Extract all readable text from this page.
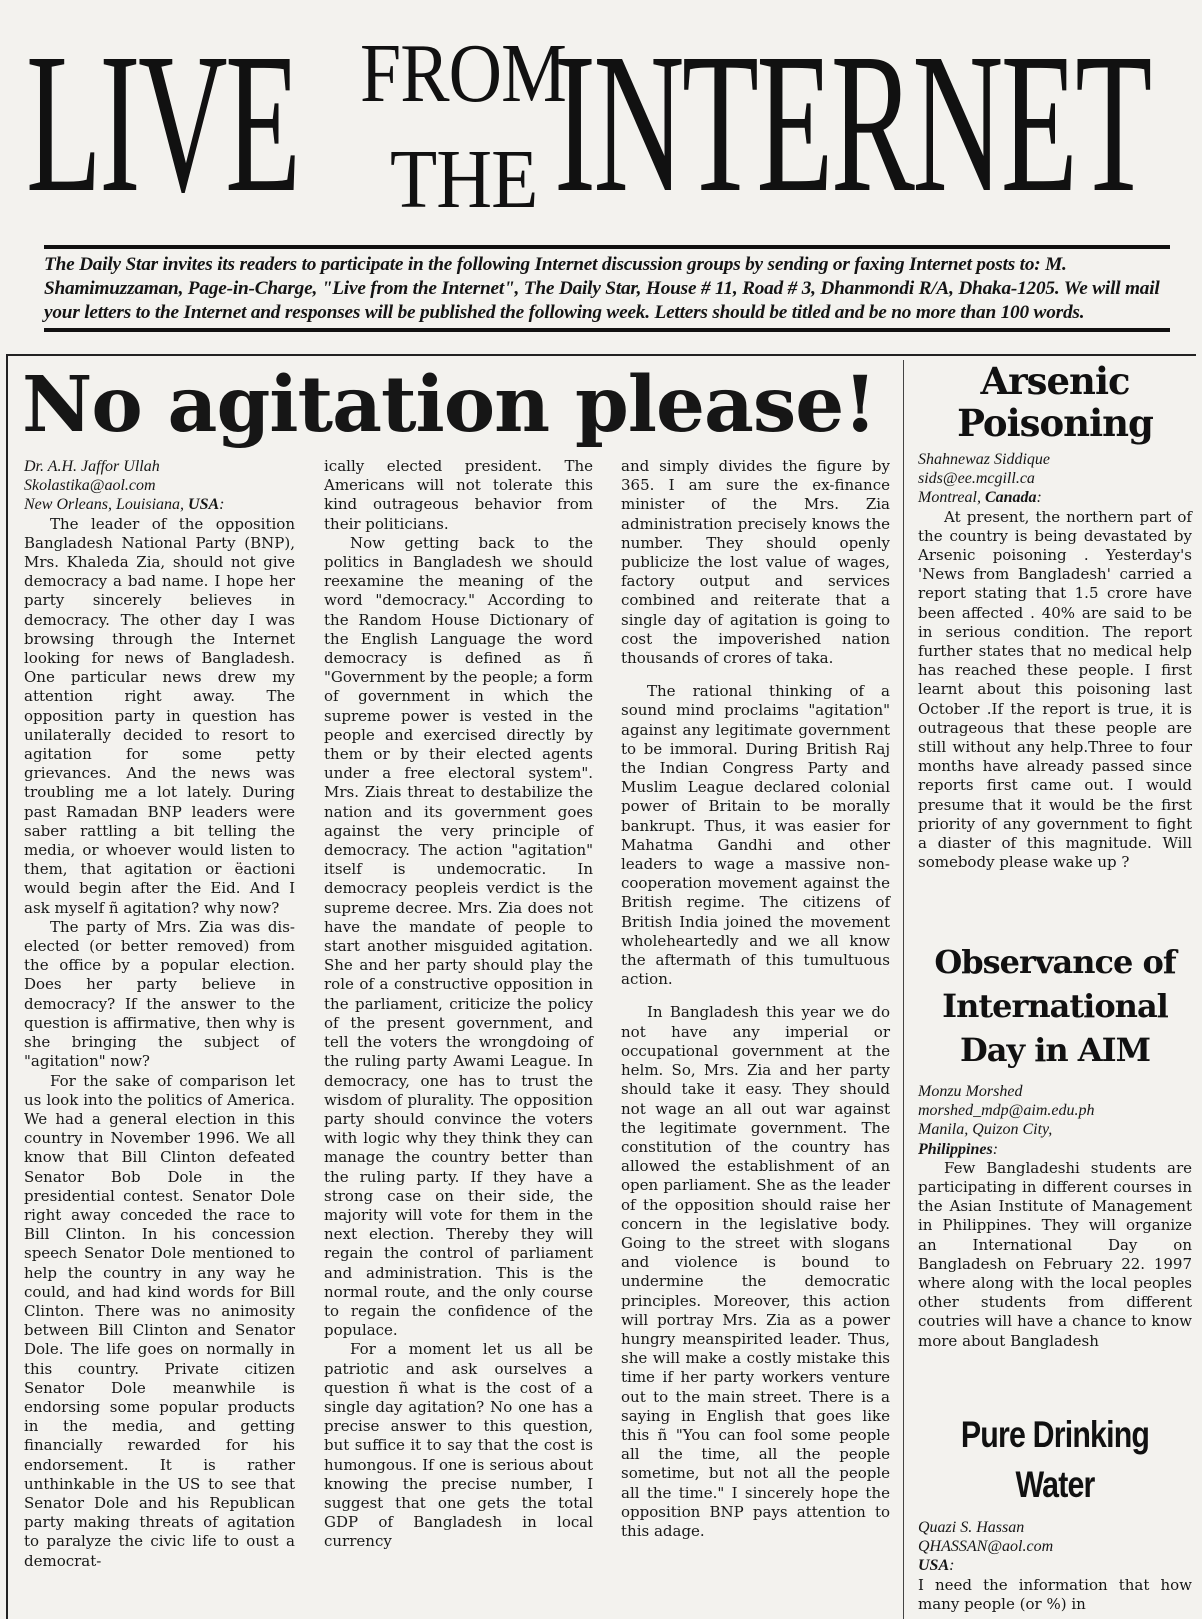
LIVE FROM
THE INTERNET
The Daily Star invites its readers to participate in the following Internet discussion groups by sending or faxing Internet posts to: M. Shamimuzzaman, Page-in-Charge, "Live from the Internet", The Daily Star, House # 11, Road # 3, Dhanmondi R/A, Dhaka-1205. We will mail your letters to the Internet and responses will be published the following week. Letters should be titled and be no more than 100 words.
No agitation please!
Dr. A.H. Jaffor Ullah
Skolastika@aol.com
New Orleans, Louisiana, USA:

The leader of the opposition Bangladesh National Party (BNP), Mrs. Khaleda Zia, should not give democracy a bad name. I hope her party sincerely believes in democracy. The other day I was browsing through the Internet looking for news of Bangladesh. One particular news drew my attention right away. The opposition party in question has unilaterally decided to resort to agitation for some petty grievances. And the news was troubling me a lot lately. During past Ramadan BNP leaders were saber rattling a bit telling the media, or whoever would listen to them, that agitation or ëactioni would begin after the Eid. And I ask myself ñ agitation? why now?

The party of Mrs. Zia was dis-elected (or better removed) from the office by a popular election. Does her party believe in democracy? If the answer to the question is affirmative, then why is she bringing the subject of "agitation" now?

For the sake of comparison let us look into the politics of America. We had a general election in this country in November 1996. We all know that Bill Clinton defeated Senator Bob Dole in the presidential contest. Senator Dole right away conceded the race to Bill Clinton. In his concession speech Senator Dole mentioned to help the country in any way he could, and had kind words for Bill Clinton. There was no animosity between Bill Clinton and Senator Dole. The life goes on normally in this country. Private citizen Senator Dole meanwhile is endorsing some popular products in the media, and getting financially rewarded for his endorsement. It is rather unthinkable in the US to see that Senator Dole and his Republican party making threats of agitation to paralyze the civic life to oust a democrat-

ically elected president. The Americans will not tolerate this kind outrageous behavior from their politicians.

Now getting back to the politics in Bangladesh we should reexamine the meaning of the word "democracy." According to the Random House Dictionary of the English Language the word democracy is defined as ñ "Government by the people; a form of government in which the supreme power is vested in the people and exercised directly by them or by their elected agents under a free electoral system". Mrs. Ziais threat to destabilize the nation and its government goes against the very principle of democracy. The action "agitation" itself is undemocratic. In democracy peopleis verdict is the supreme decree. Mrs. Zia does not have the mandate of people to start another misguided agitation. She and her party should play the role of a constructive opposition in the parliament, criticize the policy of the present government, and tell the voters the wrongdoing of the ruling party Awami League. In democracy, one has to trust the wisdom of plurality. The opposition party should convince the voters with logic why they think they can manage the country better than the ruling party. If they have a strong case on their side, the majority will vote for them in the next election. Thereby they will regain the control of parliament and administration. This is the normal route, and the only course to regain the confidence of the populace.

For a moment let us all be patriotic and ask ourselves a question ñ what is the cost of a single day agitation? No one has a precise answer to this question, but suffice it to say that the cost is humongous. If one is serious about knowing the precise number, I suggest that one gets the total GDP of Bangladesh in local currency

and simply divides the figure by 365. I am sure the ex-finance minister of the Mrs. Zia administration precisely knows the number. They should openly publicize the lost value of wages, factory output and services combined and reiterate that a single day of agitation is going to cost the impoverished nation thousands of crores of taka.

The rational thinking of a sound mind proclaims "agitation" against any legitimate government to be immoral. During British Raj the Indian Congress Party and Muslim League declared colonial power of Britain to be morally bankrupt. Thus, it was easier for Mahatma Gandhi and other leaders to wage a massive non-cooperation movement against the British regime. The citizens of British India joined the movement wholeheartedly and we all know the aftermath of this tumultuous action.

In Bangladesh this year we do not have any imperial or occupational government at the helm. So, Mrs. Zia and her party should take it easy. They should not wage an all out war against the legitimate government. The constitution of the country has allowed the establishment of an open parliament. She as the leader of the opposition should raise her concern in the legislative body. Going to the street with slogans and violence is bound to undermine the democratic principles. Moreover, this action will portray Mrs. Zia as a power hungry meanspirited leader. Thus, she will make a costly mistake this time if her party workers venture out to the main street. There is a saying in English that goes like this ñ "You can fool some people all the time, all the people sometime, but not all the people all the time." I sincerely hope the opposition BNP pays attention to this adage.

Arsenic
Poisoning
Shahnewaz Siddique
sids@ee.mcgill.ca
Montreal, Canada:

At present, the northern part of the country is being devastated by Arsenic poisoning . Yesterday's 'News from Bangladesh' carried a report stating that 1.5 crore have been affected . 40% are said to be in serious condition. The report further states that no medical help has reached these people. I first learnt about this poisoning last October .If the report is true, it is outrageous that these people are still without any help.Three to four months have already passed since reports first came out. I would presume that it would be the first priority of any government to fight a diaster of this magnitude. Will somebody please wake up ?

Observance of
International
Day in AIM
Monzu Morshed
morshed_mdp@aim.edu.ph
Manila, Quizon City,
Philippines:

Few Bangladeshi students are participating in different courses in the Asian Institute of Management in Philippines. They will organize an International Day on Bangladesh on February 22. 1997 where along with the local peoples other students from different coutries will have a chance to know more about Bangladesh

Pure Drinking
Water
Quazi S. Hassan
QHASSAN@aol.com
USA:

I need the information that how many people (or %) in
